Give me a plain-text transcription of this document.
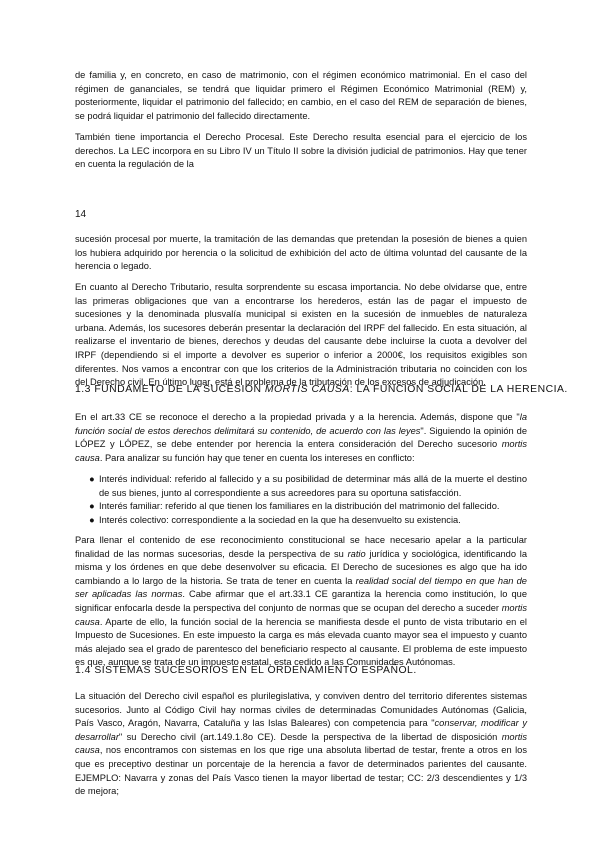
de familia y, en concreto, en caso de matrimonio, con el régimen económico matrimonial. En el caso del régimen de gananciales, se tendrá que liquidar primero el Régimen Económico Matrimonial (REM) y, posteriormente, liquidar el patrimonio del fallecido; en cambio, en el caso del REM de separación de bienes, se podrá liquidar el patrimonio del fallecido directamente.

También tiene importancia el Derecho Procesal. Este Derecho resulta esencial para el ejercicio de los derechos. La LEC incorpora en su Libro IV un Título II sobre la división judicial de patrimonios. Hay que tener en cuenta la regulación de la

14

sucesión procesal por muerte, la tramitación de las demandas que pretendan la posesión de bienes a quien los hubiera adquirido por herencia o la solicitud de exhibición del acto de última voluntad del causante de la herencia o legado.

En cuanto al Derecho Tributario, resulta sorprendente su escasa importancia. No debe olvidarse que, entre las primeras obligaciones que van a encontrarse los herederos, están las de pagar el impuesto de sucesiones y la denominada plusvalía municipal si existen en la sucesión de inmuebles de naturaleza urbana. Además, los sucesores deberán presentar la declaración del IRPF del fallecido. En esta situación, al realizarse el inventario de bienes, derechos y deudas del causante debe incluirse la cuota a devolver del IRPF (dependiendo si el importe a devolver es superior o inferior a 2000€, los requisitos exigibles son diferentes. Nos vamos a encontrar con que los criterios de la Administración tributaria no coinciden con los del Derecho civil. En último lugar, está el problema de la tributación de los excesos de adjudicación.

1.3 FUNDAMETO DE LA SUCESIÓN MORTIS CAUSA: LA FUNCIÓN SOCIAL DE LA HERENCIA.

En el art.33 CE se reconoce el derecho a la propiedad privada y a la herencia. Además, dispone que "la función social de estos derechos delimitará su contenido, de acuerdo con las leyes". Siguiendo la opinión de LÓPEZ y LÓPEZ, se debe entender por herencia la entera consideración del Derecho sucesorio mortis causa. Para analizar su función hay que tener en cuenta los intereses en conflicto:

● Interés individual: referido al fallecido y a su posibilidad de determinar más allá de la muerte el destino de sus bienes, junto al correspondiente a sus acreedores para su oportuna satisfacción.
● Interés familiar: referido al que tienen los familiares en la distribución del matrimonio del fallecido.
● Interés colectivo: correspondiente a la sociedad en la que ha desenvuelto su existencia.

Para llenar el contenido de ese reconocimiento constitucional se hace necesario apelar a la particular finalidad de las normas sucesorias, desde la perspectiva de su ratio jurídica y sociológica, identificando la misma y los órdenes en que debe desenvolver su eficacia. El Derecho de sucesiones es algo que ha ido cambiando a lo largo de la historia. Se trata de tener en cuenta la realidad social del tiempo en que han de ser aplicadas las normas. Cabe afirmar que el art.33.1 CE garantiza la herencia como institución, lo que significar enfocarla desde la perspectiva del conjunto de normas que se ocupan del derecho a suceder mortis causa. Aparte de ello, la función social de la herencia se manifiesta desde el punto de vista tributario en el Impuesto de Sucesiones. En este impuesto la carga es más elevada cuanto mayor sea el impuesto y cuanto más alejado sea el grado de parentesco del beneficiario respecto al causante. El problema de este impuesto es que, aunque se trata de un impuesto estatal, esta cedido a las Comunidades Autónomas.

1.4 SISTEMAS SUCESORIOS EN EL ORDENAMIENTO ESPAÑOL.

La situación del Derecho civil español es plurilegislativa, y conviven dentro del territorio diferentes sistemas sucesorios. Junto al Código Civil hay normas civiles de determinadas Comunidades Autónomas (Galicia, País Vasco, Aragón, Navarra, Cataluña y las Islas Baleares) con competencia para "conservar, modificar y desarrollar" su Derecho civil (art.149.1.8o CE). Desde la perspectiva de la libertad de disposición mortis causa, nos encontramos con sistemas en los que rige una absoluta libertad de testar, frente a otros en los que es preceptivo destinar un porcentaje de la herencia a favor de determinados parientes del causante. EJEMPLO: Navarra y zonas del País Vasco tienen la mayor libertad de testar; CC: 2/3 descendientes y 1/3 de mejora;
